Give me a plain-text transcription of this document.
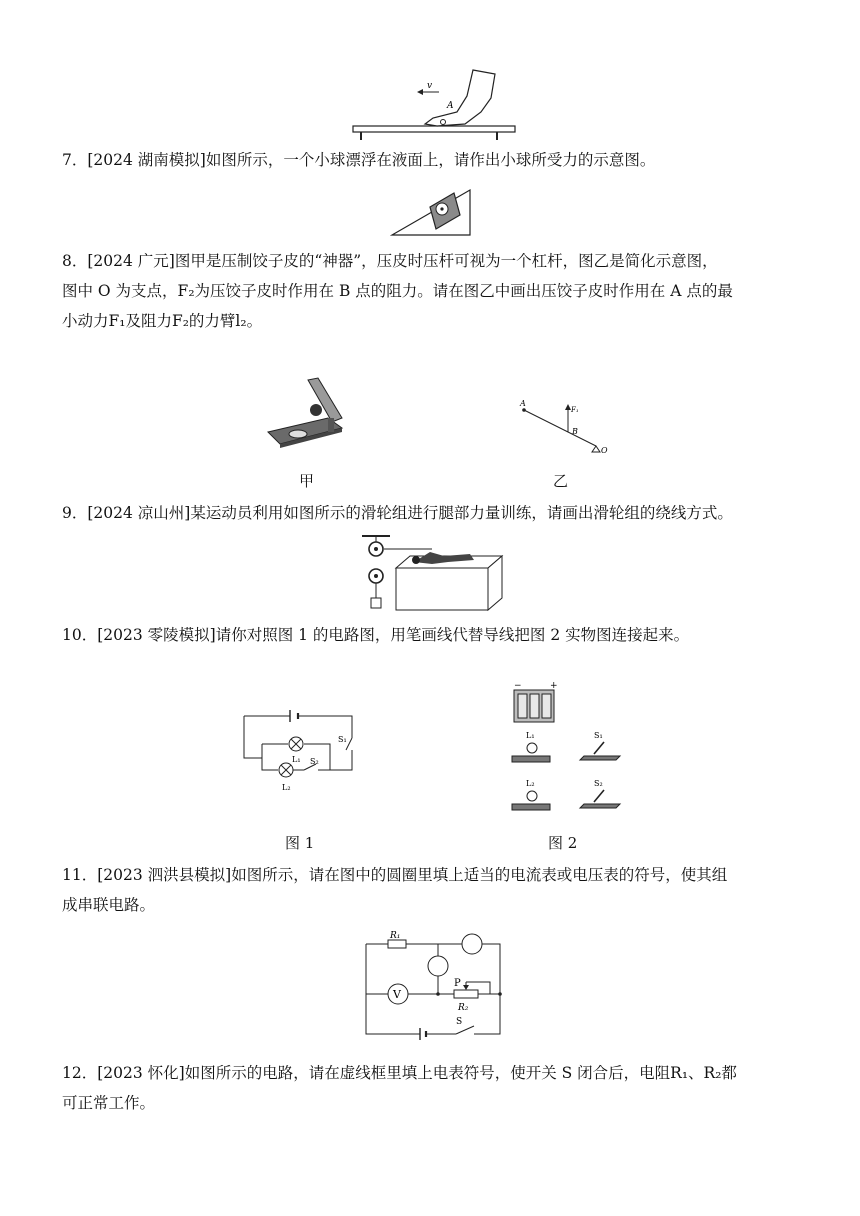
v
A
7．[2024 湖南模拟]如图所示，一个小球漂浮在液面上，请作出小球所受力的示意图。
8．[2024 广元]图甲是压制饺子皮的“神器”，压皮时压杆可视为一个杠杆，图乙是简化示意图，
图中 O 为支点，F₂为压饺子皮时作用在 B 点的阻力。请在图乙中画出压饺子皮时作用在 A 点的最
小动力F₁及阻力F₂的力臂l₂。
A
B
F₁
O
甲	乙
9．[2024 凉山州]某运动员利用如图所示的滑轮组进行腿部力量训练，请画出滑轮组的绕线方式。
10．[2023 零陵模拟]请你对照图 1 的电路图，用笔画线代替导线把图 2 实物图连接起来。
L₁
L₂
S₁
S₂
−	+
L₁	S₁
L₂	S₂
图 1	图 2
11．[2023 泗洪县模拟]如图所示，请在图中的圆圈里填上适当的电流表或电压表的符号，使其组
成串联电路。
R₁
S
V
P
R₂
12．[2023 怀化]如图所示的电路，请在虚线框里填上电表符号，使开关 S 闭合后，电阻R₁、R₂都
可正常工作。
